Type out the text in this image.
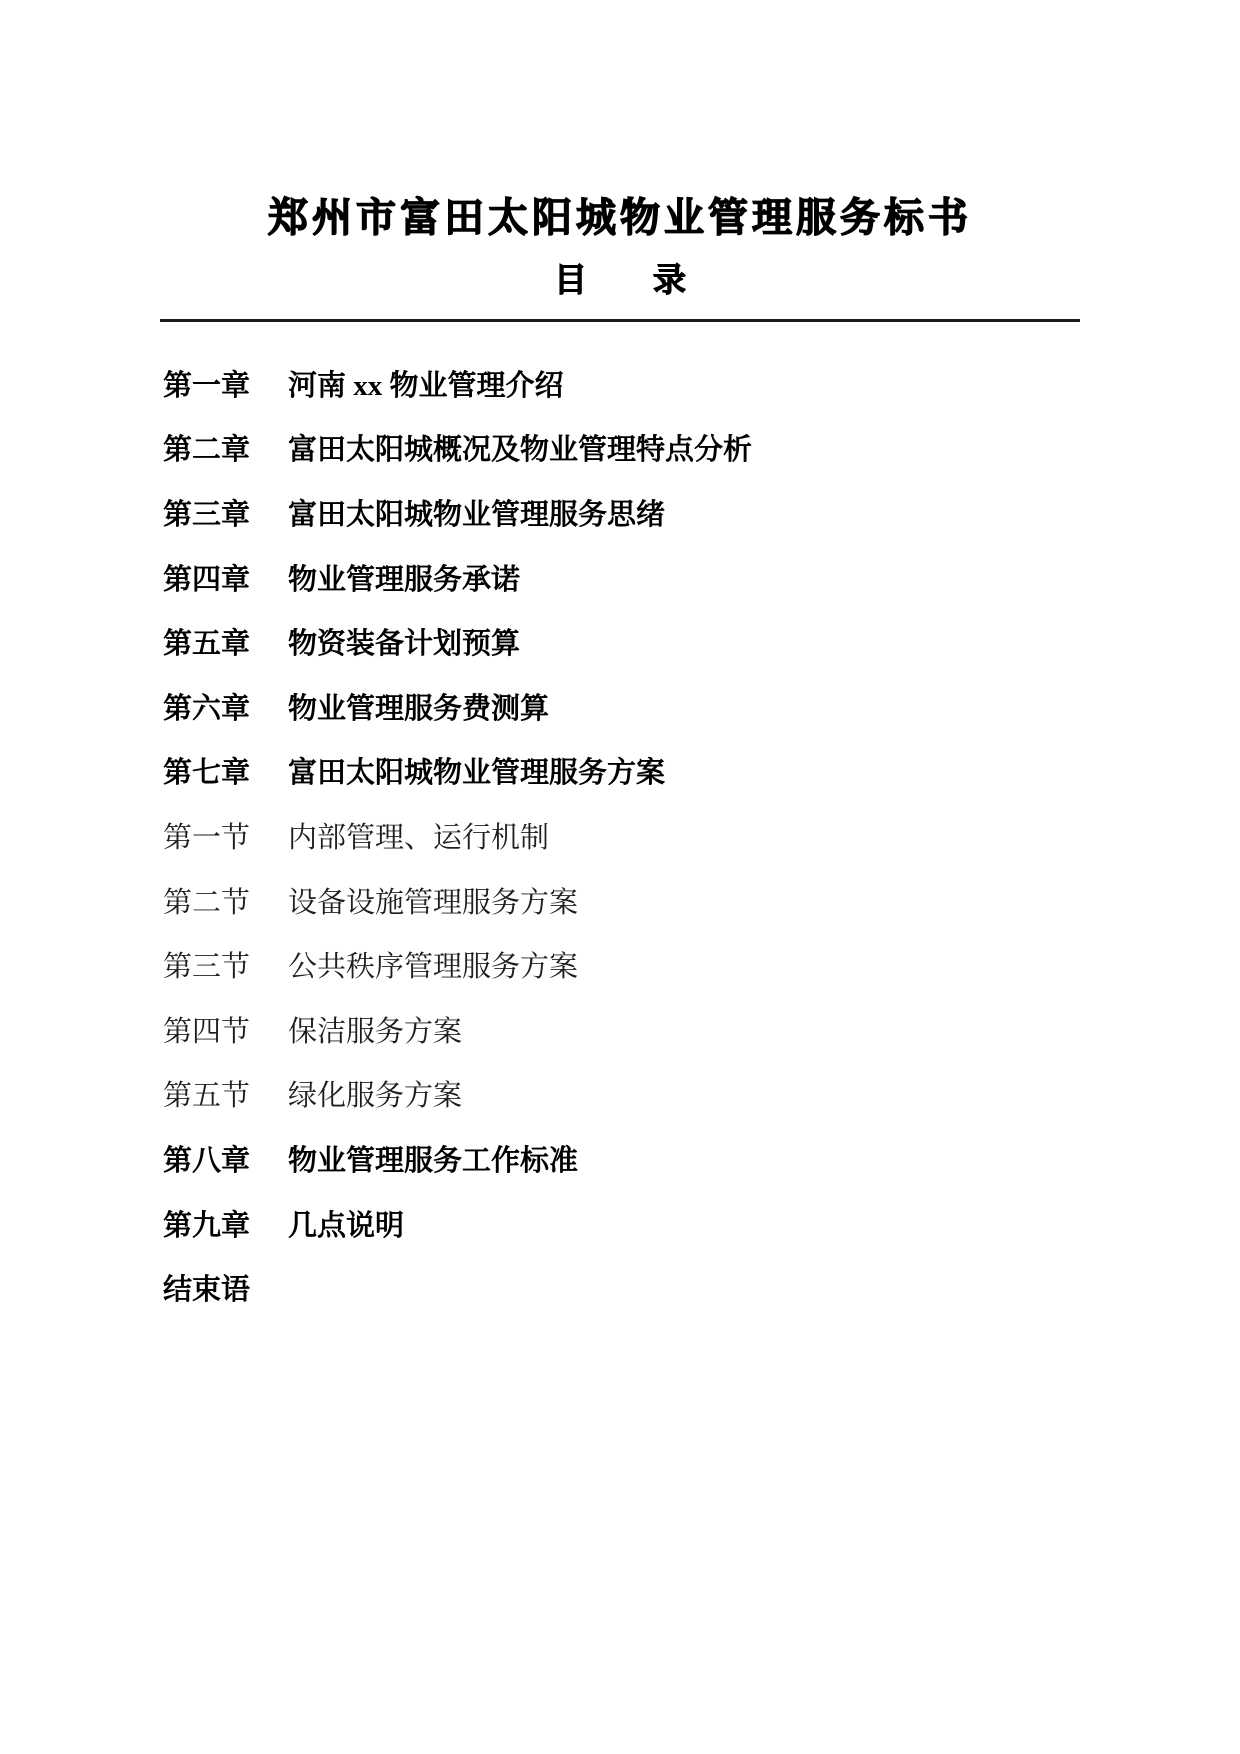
郑州市富田太阳城物业管理服务标书
目　　录
第一章	河南 xx 物业管理介绍
第二章	富田太阳城概况及物业管理特点分析
第三章	富田太阳城物业管理服务思绪
第四章	物业管理服务承诺
第五章	物资装备计划预算
第六章	物业管理服务费测算
第七章	富田太阳城物业管理服务方案
第一节	内部管理、运行机制
第二节	设备设施管理服务方案
第三节	公共秩序管理服务方案
第四节	保洁服务方案
第五节	绿化服务方案
第八章	物业管理服务工作标准
第九章	几点说明
结束语
